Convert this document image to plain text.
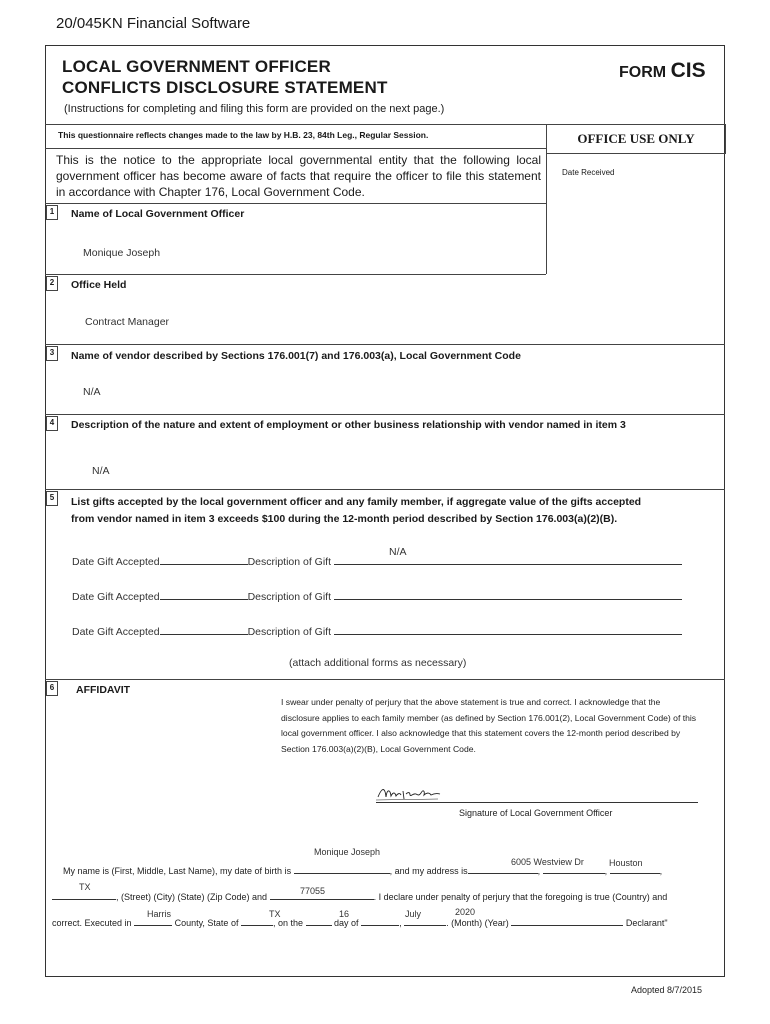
20/045KN Financial Software
LOCAL GOVERNMENT OFFICER
CONFLICTS DISCLOSURE STATEMENT
FORM CIS
(Instructions for completing and filing this form are provided on the next page.)
This questionnaire reflects changes made to the law by H.B. 23, 84th Leg., Regular Session.	OFFICE USE ONLY
Date Received
This is the notice to the appropriate local governmental entity that the following local government officer has become aware of facts that require the officer to file this statement in accordance with Chapter 176, Local Government Code.
1	Name of Local Government Officer
Monique Joseph
2	Office Held
Contract Manager
3	Name of vendor described by Sections 176.001(7) and 176.003(a), Local Government Code
N/A
4	Description of the nature and extent of employment or other business relationship with vendor named in item 3
N/A
5	List gifts accepted by the local government officer and any family member, if aggregate value of the gifts accepted
from vendor named in item 3 exceeds $100 during the 12-month period described by Section 176.003(a)(2)(B).
Date Gift Accepted	Description of Gift
N/A
Date Gift Accepted	Description of Gift
Date Gift Accepted	Description of Gift
(attach additional forms as necessary)
6	AFFIDAVIT
I swear under penalty of perjury that the above statement is true and correct. I acknowledge that the disclosure applies to each family member (as defined by Section 176.001(2), Local Government Code) of this local government officer. I also acknowledge that this statement covers the 12-month period described by Section 176.003(a)(2)(B), Local Government Code.
Signature of Local Government Officer
Monique Joseph
My name is (First, Middle, Last Name), my date of birth is	, and my address is	,	,	,
6005 Westview Dr	Houston
TX
, (Street) (City) (State) (Zip Code) and	. I declare under penalty of perjury that the foregoing is true (Country) and
77055
Harris	TX	16	July	2020
correct. Executed in	County, State of	, on the	day of	,	. (Month) (Year)	Declarant"
Adopted 8/7/2015
